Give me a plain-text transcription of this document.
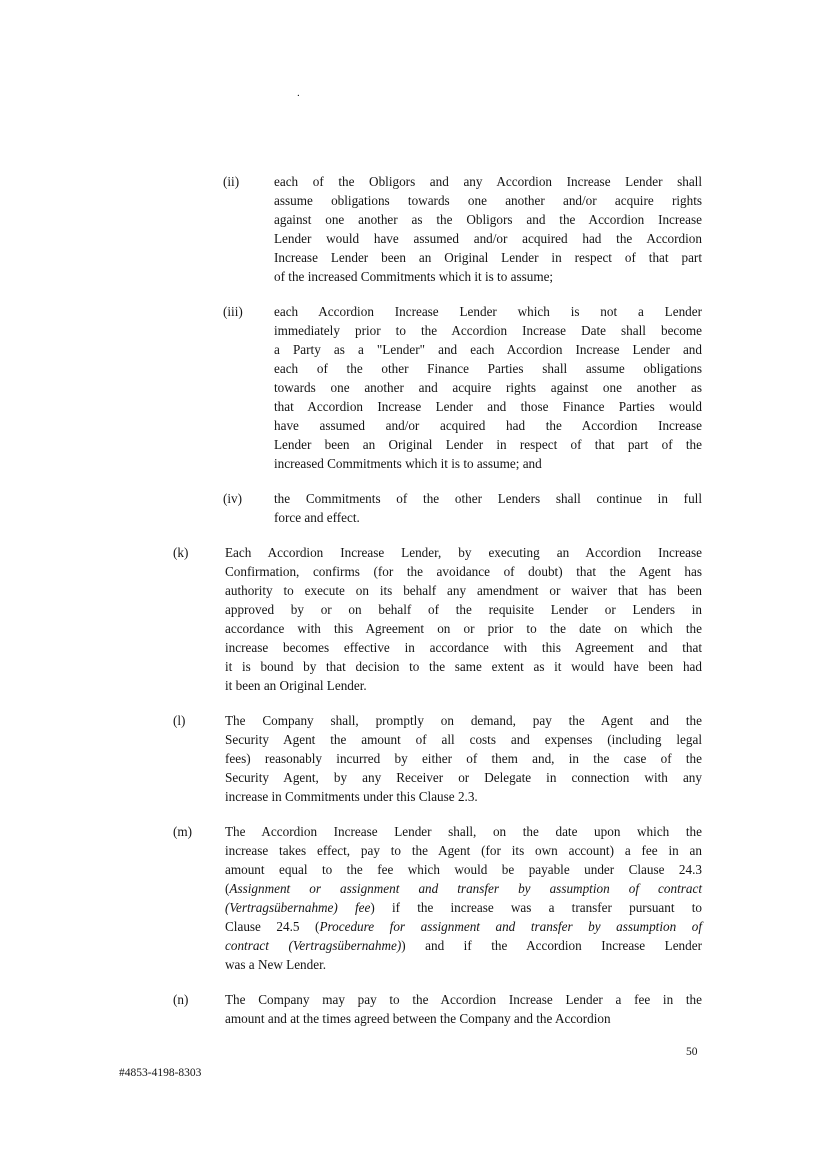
.
(ii)	each of the Obligors and any Accordion Increase Lender shall
assume obligations towards one another and/or acquire rights
against one another as the Obligors and the Accordion Increase
Lender would have assumed and/or acquired had the Accordion
Increase Lender been an Original Lender in respect of that part
of the increased Commitments which it is to assume;
(iii)	each Accordion Increase Lender which is not a Lender
immediately prior to the Accordion Increase Date shall become
a Party as a "Lender" and each Accordion Increase Lender and
each of the other Finance Parties shall assume obligations
towards one another and acquire rights against one another as
that Accordion Increase Lender and those Finance Parties would
have assumed and/or acquired had the Accordion Increase
Lender been an Original Lender in respect of that part of the
increased Commitments which it is to assume; and
(iv)	the Commitments of the other Lenders shall continue in full
force and effect.
(k)	Each Accordion Increase Lender, by executing an Accordion Increase
Confirmation, confirms (for the avoidance of doubt) that the Agent has
authority to execute on its behalf any amendment or waiver that has been
approved by or on behalf of the requisite Lender or Lenders in
accordance with this Agreement on or prior to the date on which the
increase becomes effective in accordance with this Agreement and that
it is bound by that decision to the same extent as it would have been had
it been an Original Lender.
(l)	The Company shall, promptly on demand, pay the Agent and the
Security Agent the amount of all costs and expenses (including legal
fees) reasonably incurred by either of them and, in the case of the
Security Agent, by any Receiver or Delegate in connection with any
increase in Commitments under this Clause 2.3.
(m)	The Accordion Increase Lender shall, on the date upon which the
increase takes effect, pay to the Agent (for its own account) a fee in an
amount equal to the fee which would be payable under Clause 24.3
(Assignment or assignment and transfer by assumption of contract
(Vertragsübernahme) fee) if the increase was a transfer pursuant to
Clause 24.5 (Procedure for assignment and transfer by assumption of
contract (Vertragsübernahme)) and if the Accordion Increase Lender
was a New Lender.
(n)	The Company may pay to the Accordion Increase Lender a fee in the
amount and at the times agreed between the Company and the Accordion
50
#4853-4198-8303
